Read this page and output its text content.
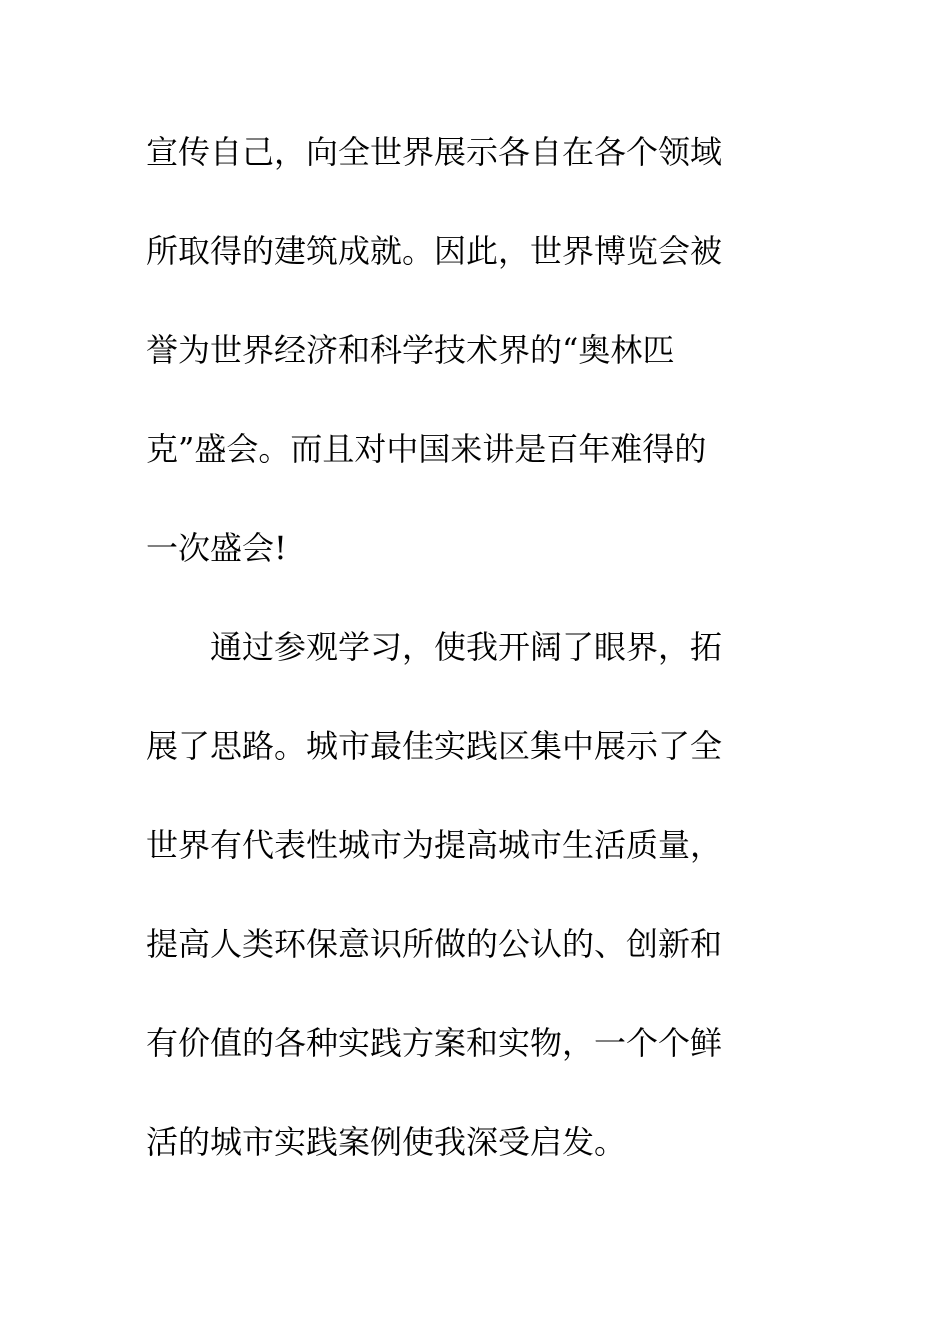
宣传自己，向全世界展示各自在各个领域
所取得的建筑成就。因此，世界博览会被
誉为世界经济和科学技术界的“奥林匹
克”盛会。而且对中国来讲是百年难得的
一次盛会!
通过参观学习，使我开阔了眼界，拓
展了思路。城市最佳实践区集中展示了全
世界有代表性城市为提高城市生活质量，
提高人类环保意识所做的公认的、创新和
有价值的各种实践方案和实物，一个个鲜
活的城市实践案例使我深受启发。
